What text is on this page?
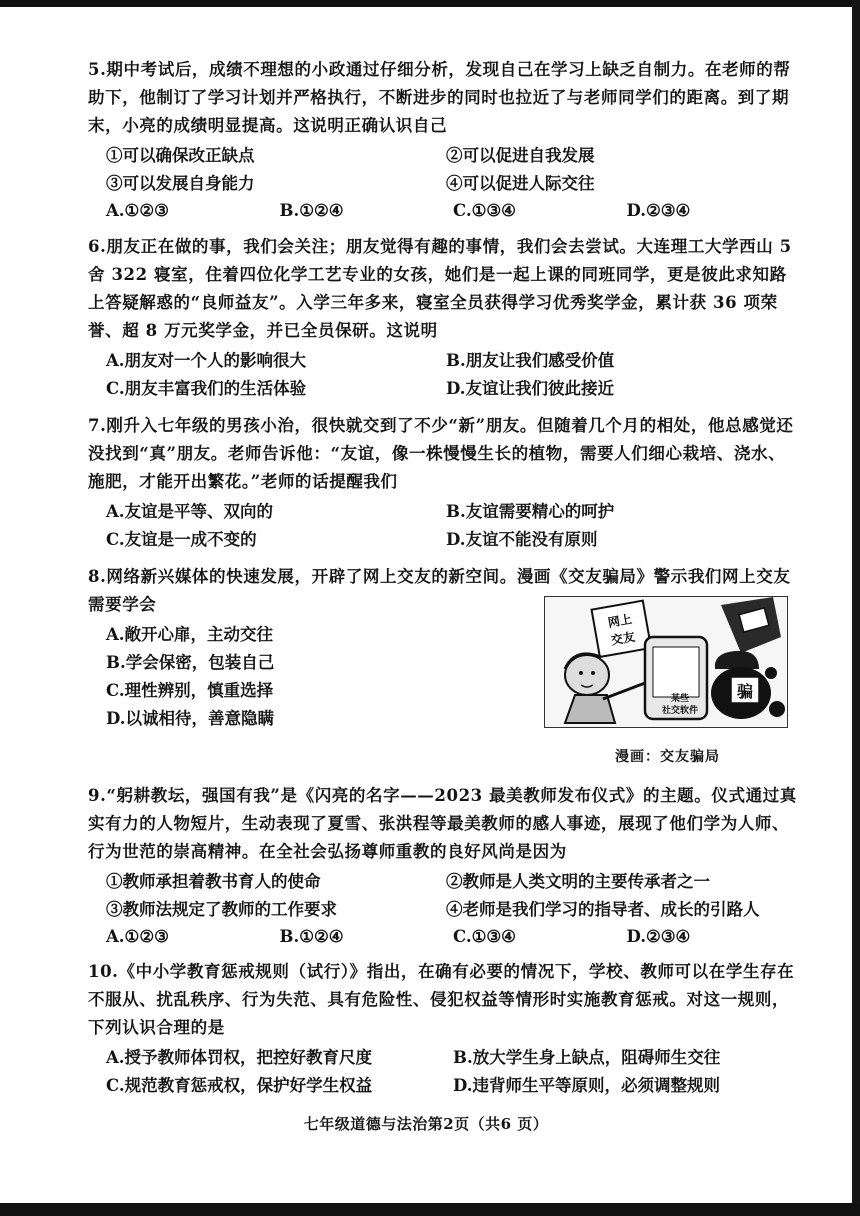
5.期中考试后，成绩不理想的小政通过仔细分析，发现自己在学习上缺乏自制力。在老师的帮助下，他制订了学习计划并严格执行，不断进步的同时也拉近了与老师同学们的距离。到了期末，小亮的成绩明显提高。这说明正确认识自己

①可以确保改正缺点	②可以促进自我发展
③可以发展自身能力	④可以促进人际交往
A.①②③	B.①②④	C.①③④	D.②③④

6.朋友正在做的事，我们会关注；朋友觉得有趣的事情，我们会去尝试。大连理工大学西山 5 舍 322 寝室，住着四位化学工艺专业的女孩，她们是一起上课的同班同学，更是彼此求知路上答疑解惑的“良师益友”。入学三年多来，寝室全员获得学习优秀奖学金，累计获 36 项荣誉、超 8 万元奖学金，并已全员保研。这说明

A.朋友对一个人的影响很大	B.朋友让我们感受价值
C.朋友丰富我们的生活体验	D.友谊让我们彼此接近

7.刚升入七年级的男孩小治，很快就交到了不少“新”朋友。但随着几个月的相处，他总感觉还没找到“真”朋友。老师告诉他：“友谊，像一株慢慢生长的植物，需要人们细心栽培、浇水、施肥，才能开出繁花。”老师的话提醒我们

A.友谊是平等、双向的	B.友谊需要精心的呵护
C.友谊是一成不变的	D.友谊不能没有原则

8.网络新兴媒体的快速发展，开辟了网上交友的新空间。漫画《交友骗局》警示我们网上交友需要学会

A.敞开心扉，主动交往
B.学会保密，包装自己
C.理性辨别，慎重选择
D.以诚相待，善意隐瞒
网上
交友
某些
社交软件
骗
漫画：交友骗局

9.“躬耕教坛，强国有我”是《闪亮的名字——2023 最美教师发布仪式》的主题。仪式通过真实有力的人物短片，生动表现了夏雪、张洪程等最美教师的感人事迹，展现了他们学为人师、行为世范的崇高精神。在全社会弘扬尊师重教的良好风尚是因为

①教师承担着教书育人的使命	②教师是人类文明的主要传承者之一
③教师法规定了教师的工作要求	④老师是我们学习的指导者、成长的引路人
A.①②③	B.①②④	C.①③④	D.②③④

10.《中小学教育惩戒规则（试行）》指出，在确有必要的情况下，学校、教师可以在学生存在不服从、扰乱秩序、行为失范、具有危险性、侵犯权益等情形时实施教育惩戒。对这一规则，下列认识合理的是

A.授予教师体罚权，把控好教育尺度	B.放大学生身上缺点，阻碍师生交往
C.规范教育惩戒权，保护好学生权益	D.违背师生平等原则，必须调整规则
七年级道德与法治第2页（共6 页）
